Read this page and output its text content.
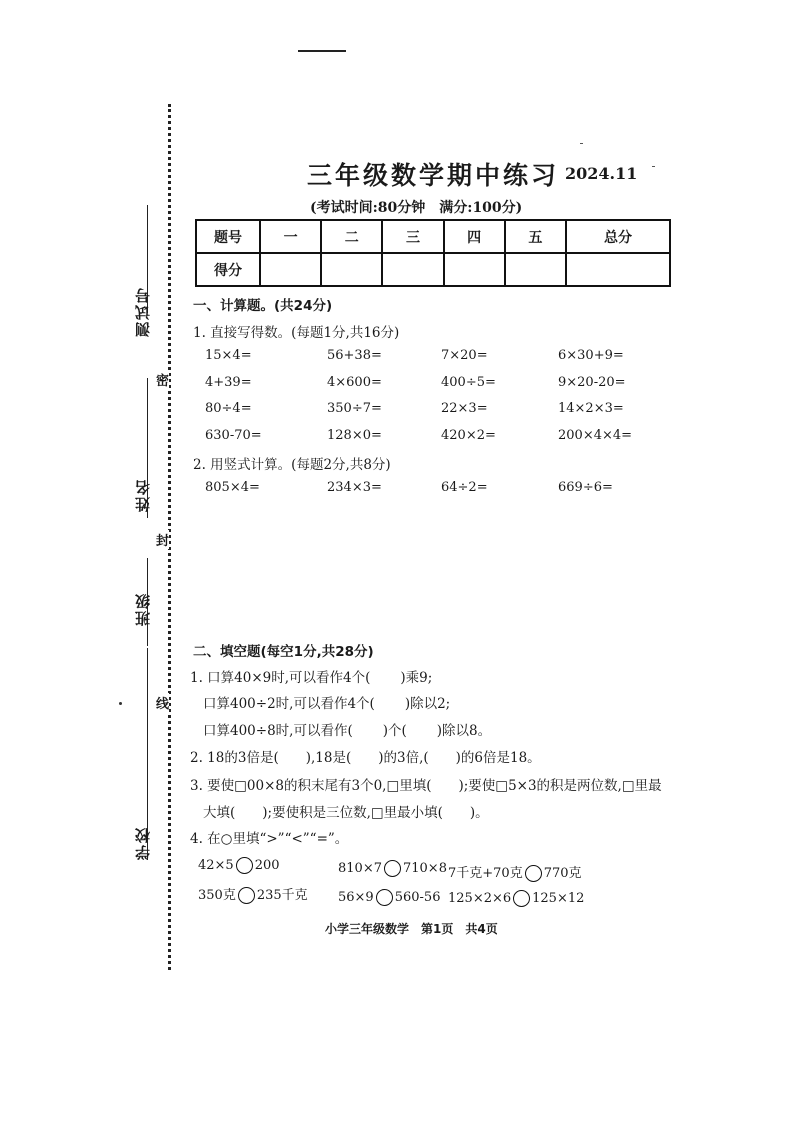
测试号
姓名
班级
学校
密
封
线
三年级数学期中练习 2024.11
(考试时间:80分钟　满分:100分)
题号	一	二	三	四	五	总分
得分						
一、计算题。(共24分)
1. 直接写得数。(每题1分,共16分)
15×4=	56+38=	7×20=	6×30+9=
4+39=	4×600=	400÷5=	9×20-20=
80÷4=	350÷7=	22×3=	14×2×3=
630-70=	128×0=	420×2=	200×4×4=
2. 用竖式计算。(每题2分,共8分)
805×4=	234×3=	64÷2=	669÷6=
二、填空题(每空1分,共28分)
1. 口算40×9时,可以看作4个( )乘9;
口算400÷2时,可以看作4个( )除以2;
口算400÷8时,可以看作( )个( )除以8。
2. 18的3倍是(　　),18是(　　)的3倍,(　　)的6倍是18。
3. 要使□00×8的积末尾有3个0,□里填(　　);要使□5×3的积是两位数,□里最
大填(　　);要使积是三位数,□里最小填(　　)。
4. 在○里填“>”“<”“=”。
42×5 200	810×7 710×8 7千克+70克 770克
350克 235千克 56×9 560-56 125×2×6 125×12
小学三年级数学　第1页　共4页
